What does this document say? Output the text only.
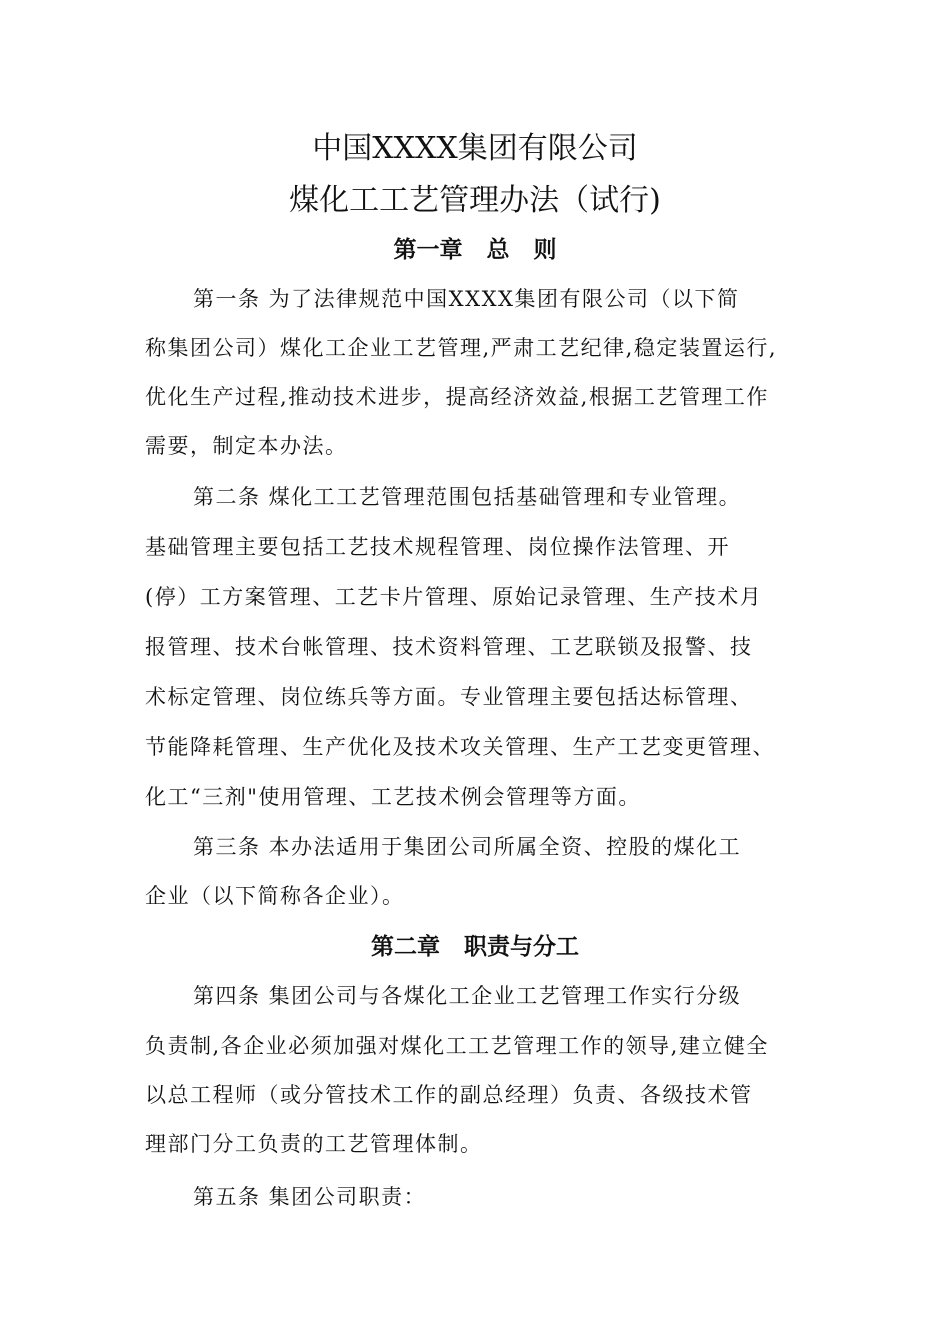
中国XXXX集团有限公司
煤化工工艺管理办法（试行)
第一章   总   则
第一条 为了法律规范中国XXXX集团有限公司（以下简
称集团公司）煤化工企业工艺管理,严肃工艺纪律,稳定装置运行,
优化生产过程,推动技术进步，提高经济效益,根据工艺管理工作
需要，制定本办法。
第二条 煤化工工艺管理范围包括基础管理和专业管理。
基础管理主要包括工艺技术规程管理、岗位操作法管理、开
(停）工方案管理、工艺卡片管理、原始记录管理、生产技术月
报管理、技术台帐管理、技术资料管理、工艺联锁及报警、技
术标定管理、岗位练兵等方面。专业管理主要包括达标管理、
节能降耗管理、生产优化及技术攻关管理、生产工艺变更管理、
化工“三剂"使用管理、工艺技术例会管理等方面。
第三条 本办法适用于集团公司所属全资、控股的煤化工
企业（以下简称各企业）。
第二章   职责与分工
第四条 集团公司与各煤化工企业工艺管理工作实行分级
负责制,各企业必须加强对煤化工工艺管理工作的领导,建立健全
以总工程师（或分管技术工作的副总经理）负责、各级技术管
理部门分工负责的工艺管理体制。
第五条 集团公司职责：
